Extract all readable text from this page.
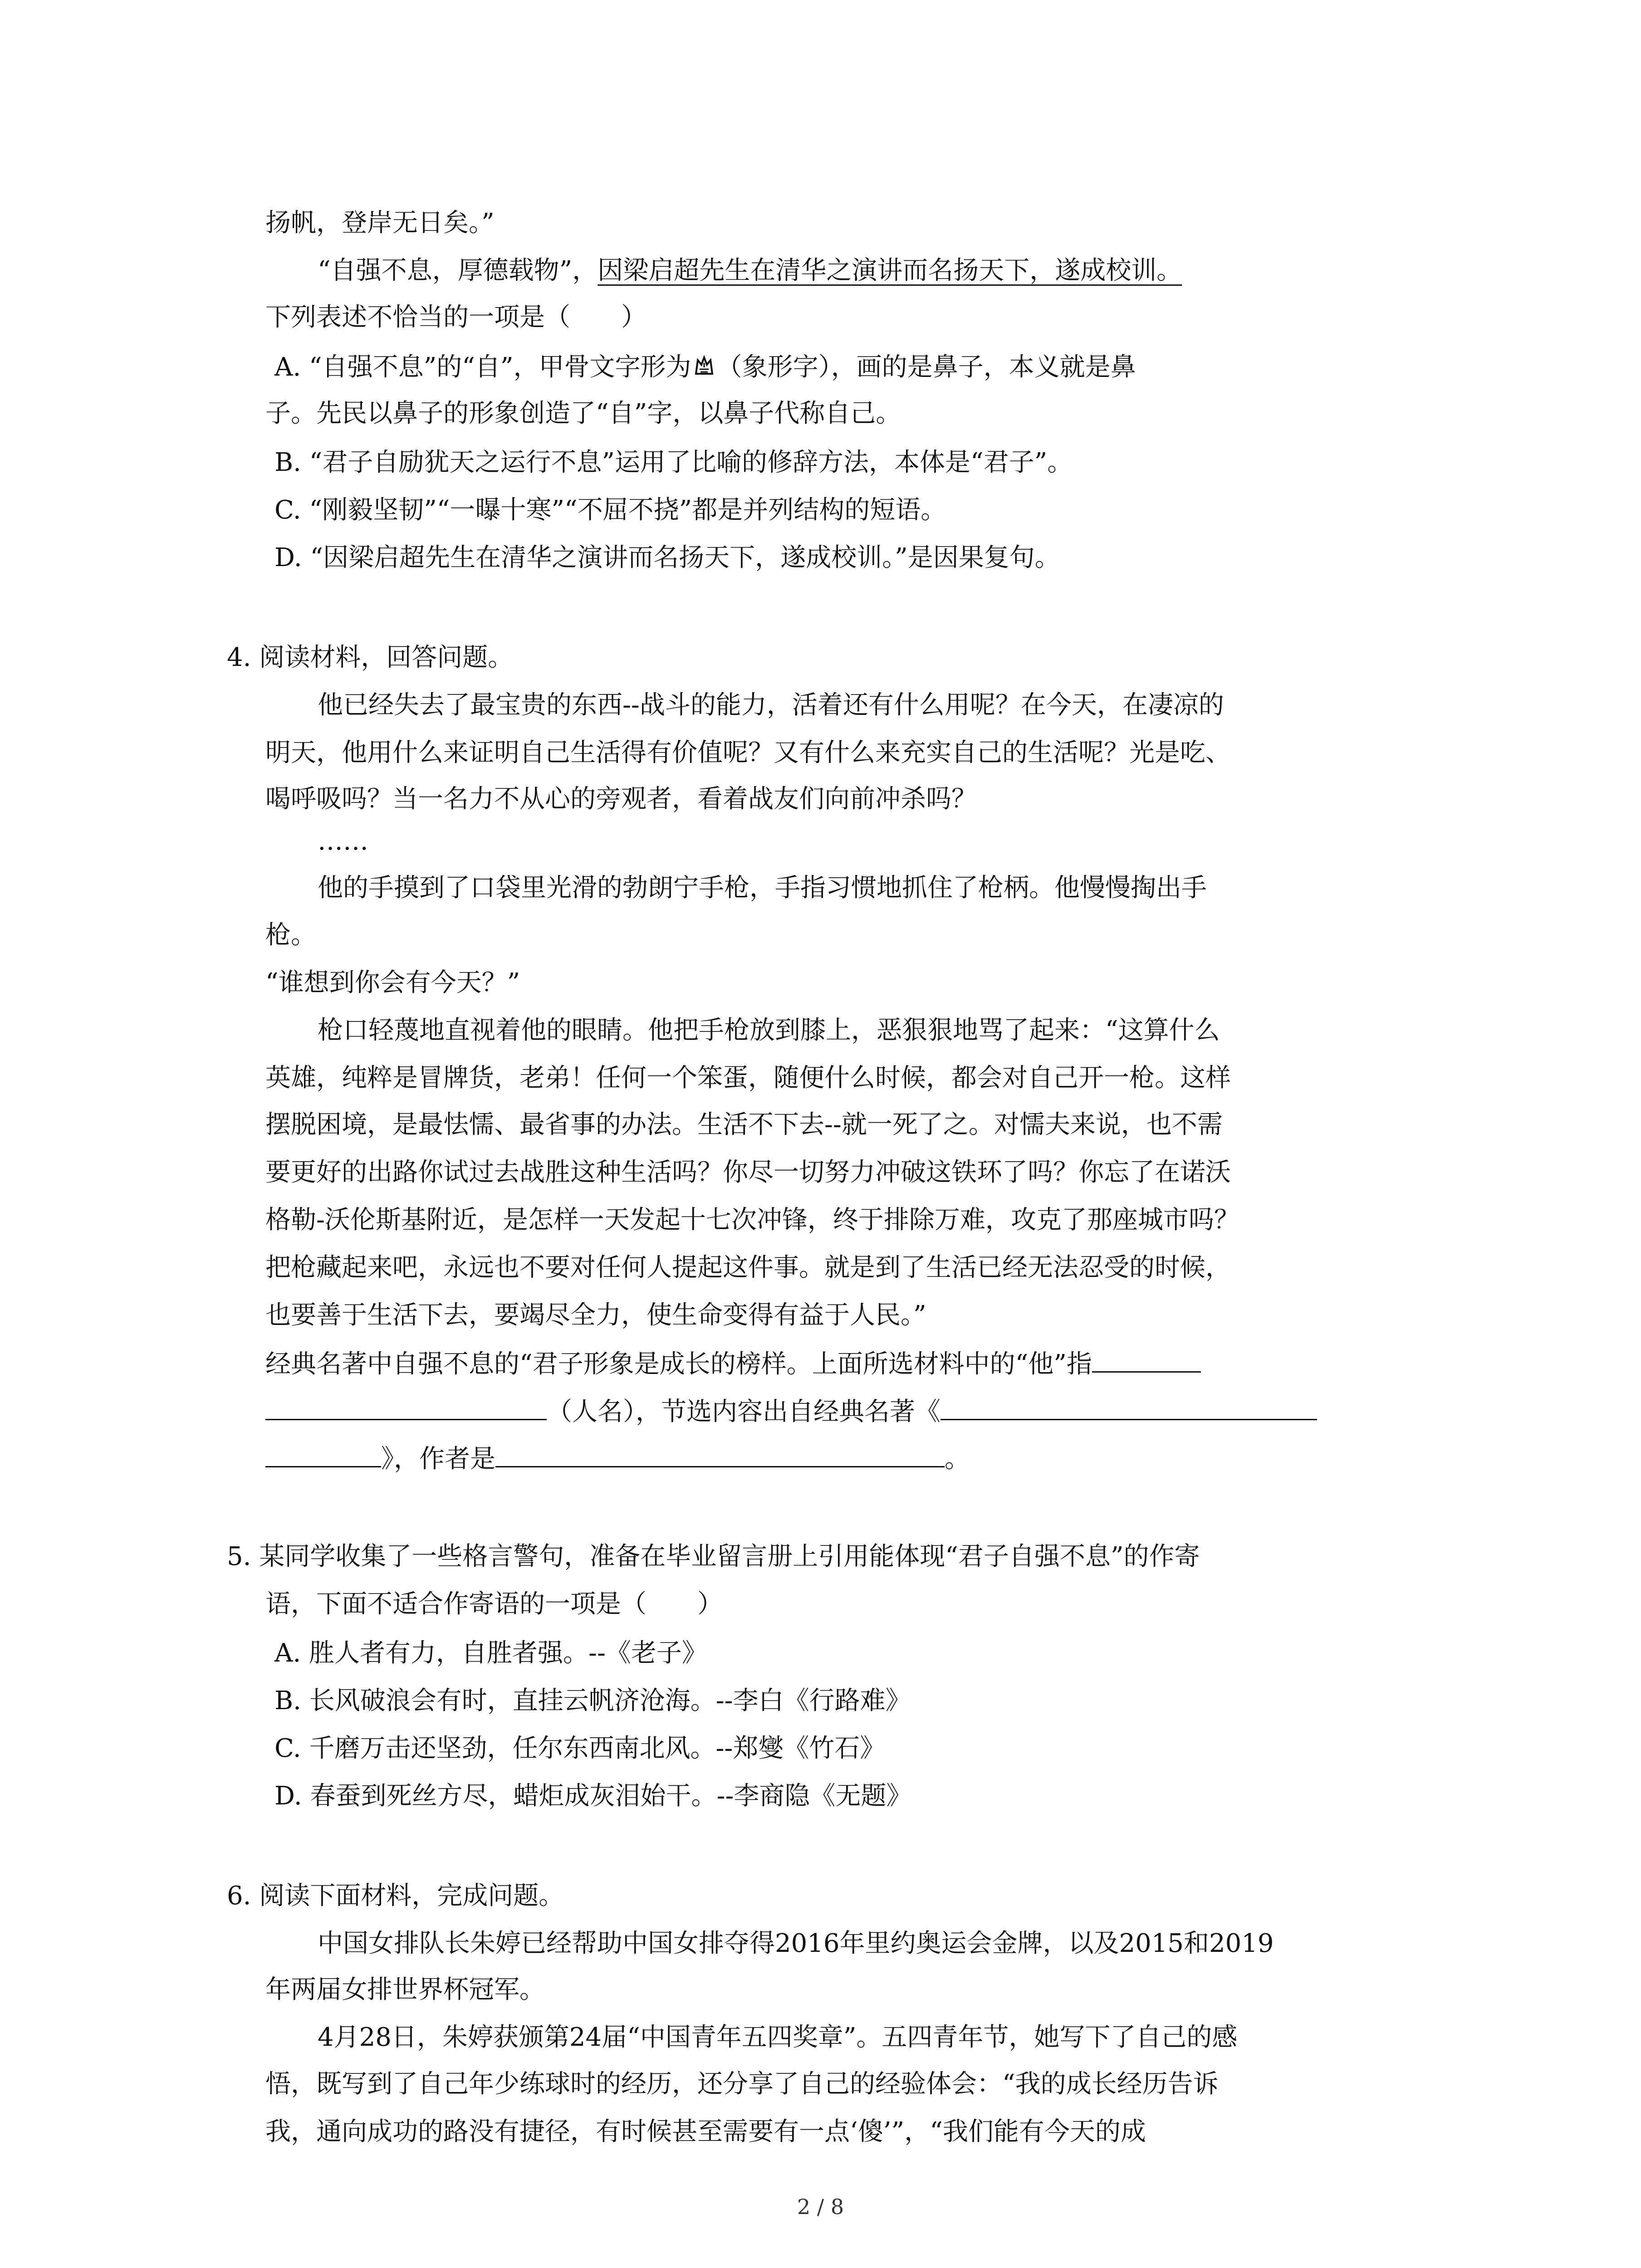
扬帆，登岸无日矣。”
“自强不息，厚德载物”，因梁启超先生在清华之演讲而名扬天下，遂成校训。
下列表述不恰当的一项是（　　）
A. “自强不息”的“自”，甲骨文字形为 （象形字），画的是鼻子，本义就是鼻
子。先民以鼻子的形象创造了“自”字，以鼻子代称自己。
B. “君子自励犹天之运行不息”运用了比喻的修辞方法，本体是“君子”。
C. “刚毅坚韧”“一曝十寒”“不屈不挠”都是并列结构的短语。
D. “因梁启超先生在清华之演讲而名扬天下，遂成校训。”是因果复句。
4. 阅读材料，回答问题。
他已经失去了最宝贵的东西--战斗的能力，活着还有什么用呢？在今天，在凄凉的
明天，他用什么来证明自己生活得有价值呢？又有什么来充实自己的生活呢？光是吃、
喝呼吸吗？当一名力不从心的旁观者，看着战友们向前冲杀吗？
……
他的手摸到了口袋里光滑的勃朗宁手枪，手指习惯地抓住了枪柄。他慢慢掏出手
枪。
“谁想到你会有今天？”
枪口轻蔑地直视着他的眼睛。他把手枪放到膝上，恶狠狠地骂了起来：“这算什么
英雄，纯粹是冒牌货，老弟！任何一个笨蛋，随便什么时候，都会对自己开一枪。这样
摆脱困境，是最怯懦、最省事的办法。生活不下去--就一死了之。对懦夫来说，也不需
要更好的出路你试过去战胜这种生活吗？你尽一切努力冲破这铁环了吗？你忘了在诺沃
格勒-沃伦斯基附近，是怎样一天发起十七次冲锋，终于排除万难，攻克了那座城市吗？
把枪藏起来吧，永远也不要对任何人提起这件事。就是到了生活已经无法忍受的时候，
也要善于生活下去，要竭尽全力，使生命变得有益于人民。”
经典名著中自强不息的“君子形象是成长的榜样。上面所选材料中的“他”指
（人名），节选内容出自经典名著《
》，作者是	。
5. 某同学收集了一些格言警句，准备在毕业留言册上引用能体现“君子自强不息”的作寄
语，下面不适合作寄语的一项是（　　）
A. 胜人者有力，自胜者强。--《老子》
B. 长风破浪会有时，直挂云帆济沧海。--李白《行路难》
C. 千磨万击还坚劲，任尔东西南北风。--郑燮《竹石》
D. 春蚕到死丝方尽，蜡炬成灰泪始干。--李商隐《无题》
6. 阅读下面材料，完成问题。
中国女排队长朱婷已经帮助中国女排夺得2016年里约奥运会金牌，以及2015和2019
年两届女排世界杯冠军。
4月28日，朱婷获颁第24届“中国青年五四奖章”。五四青年节，她写下了自己的感
悟，既写到了自己年少练球时的经历，还分享了自己的经验体会：“我的成长经历告诉
我，通向成功的路没有捷径，有时候甚至需要有一点‘傻’”，“我们能有今天的成
2 / 8
